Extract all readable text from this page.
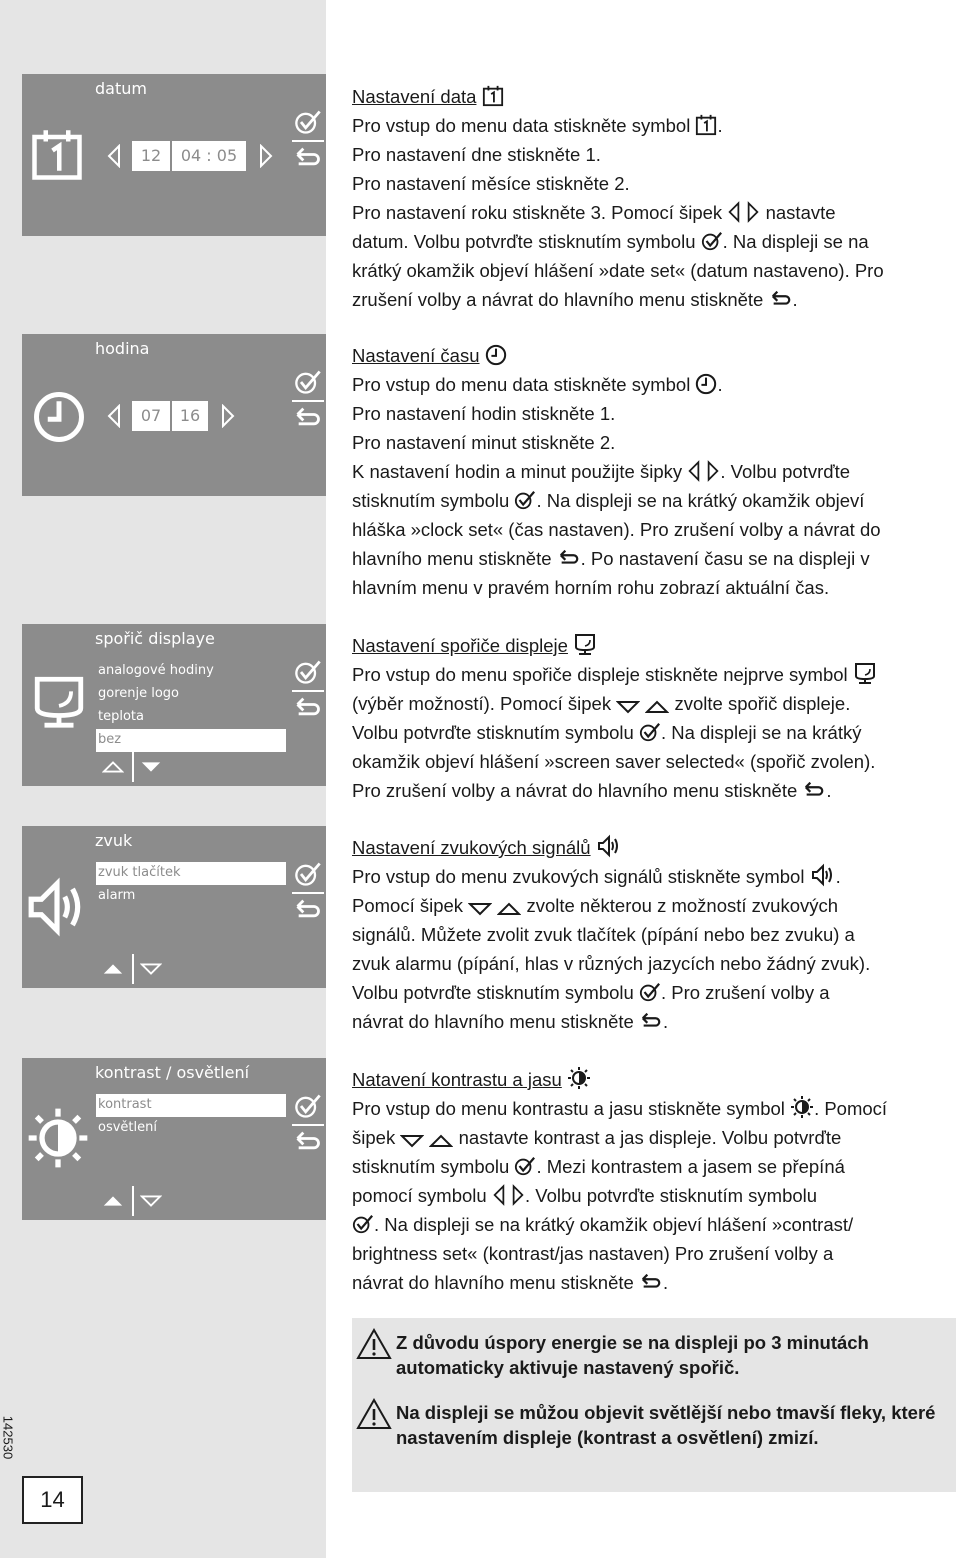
datum
12	04 : 05
hodina
07	16
spořič displaye
analogové hodiny
gorenje logo
teplota
bez
zvuk
zvuk tlačítek
alarm
kontrast / osvětlení
kontrast
osvětlení
Nastavení data
Pro vstup do menu data stiskněte symbol .
Pro nastavení dne stiskněte 1.
Pro nastavení měsíce stiskněte 2.
Pro nastavení roku stiskněte 3. Pomocí šipek nastavte
datum. Volbu potvrďte stisknutím symbolu . Na displeji se na
krátký okamžik objeví hlášení »date set« (datum nastaveno). Pro
zrušení volby a návrat do hlavního menu stiskněte .
Nastavení času
Pro vstup do menu data stiskněte symbol .
Pro nastavení hodin stiskněte 1.
Pro nastavení minut stiskněte 2.
K nastavení hodin a minut použijte šipky . Volbu potvrďte
stisknutím symbolu . Na displeji se na krátký okamžik objeví
hláška »clock set« (čas nastaven). Pro zrušení volby a návrat do
hlavního menu stiskněte . Po nastavení času se na displeji v
hlavním menu v pravém horním rohu zobrazí aktuální čas.
Nastavení spořiče displeje
Pro vstup do menu spořiče displeje stiskněte nejprve symbol
(výběr možností). Pomocí šipek	zvolte spořič displeje.
Volbu potvrďte stisknutím symbolu . Na displeji se na krátký
okamžik objeví hlášení »screen saver selected« (spořič zvolen).
Pro zrušení volby a návrat do hlavního menu stiskněte .
Nastavení zvukových signálů
Pro vstup do menu zvukových signálů stiskněte symbol .
Pomocí šipek	zvolte některou z možností zvukových
signálů. Můžete zvolit zvuk tlačítek (pípání nebo bez zvuku) a
zvuk alarmu (pípání, hlas v různých jazycích nebo žádný zvuk).
Volbu potvrďte stisknutím symbolu . Pro zrušení volby a
návrat do hlavního menu stiskněte .
Natavení kontrastu a jasu
Pro vstup do menu kontrastu a jasu stiskněte symbol . Pomocí
šipek	nastavte kontrast a jas displeje. Volbu potvrďte
stisknutím symbolu . Mezi kontrastem a jasem se přepíná
pomocí symbolu . Volbu potvrďte stisknutím symbolu
. Na displeji se na krátký okamžik objeví hlášení »contrast/
brightness set« (kontrast/jas nastaven) Pro zrušení volby a
návrat do hlavního menu stiskněte .
Z důvodu úspory energie se na displeji po 3 minutách automaticky aktivuje nastavený spořič.
Na displeji se můžou objevit světlější nebo tmavší fleky, které nastavením displeje (kontrast a osvětlení) zmizí.
142530
14
